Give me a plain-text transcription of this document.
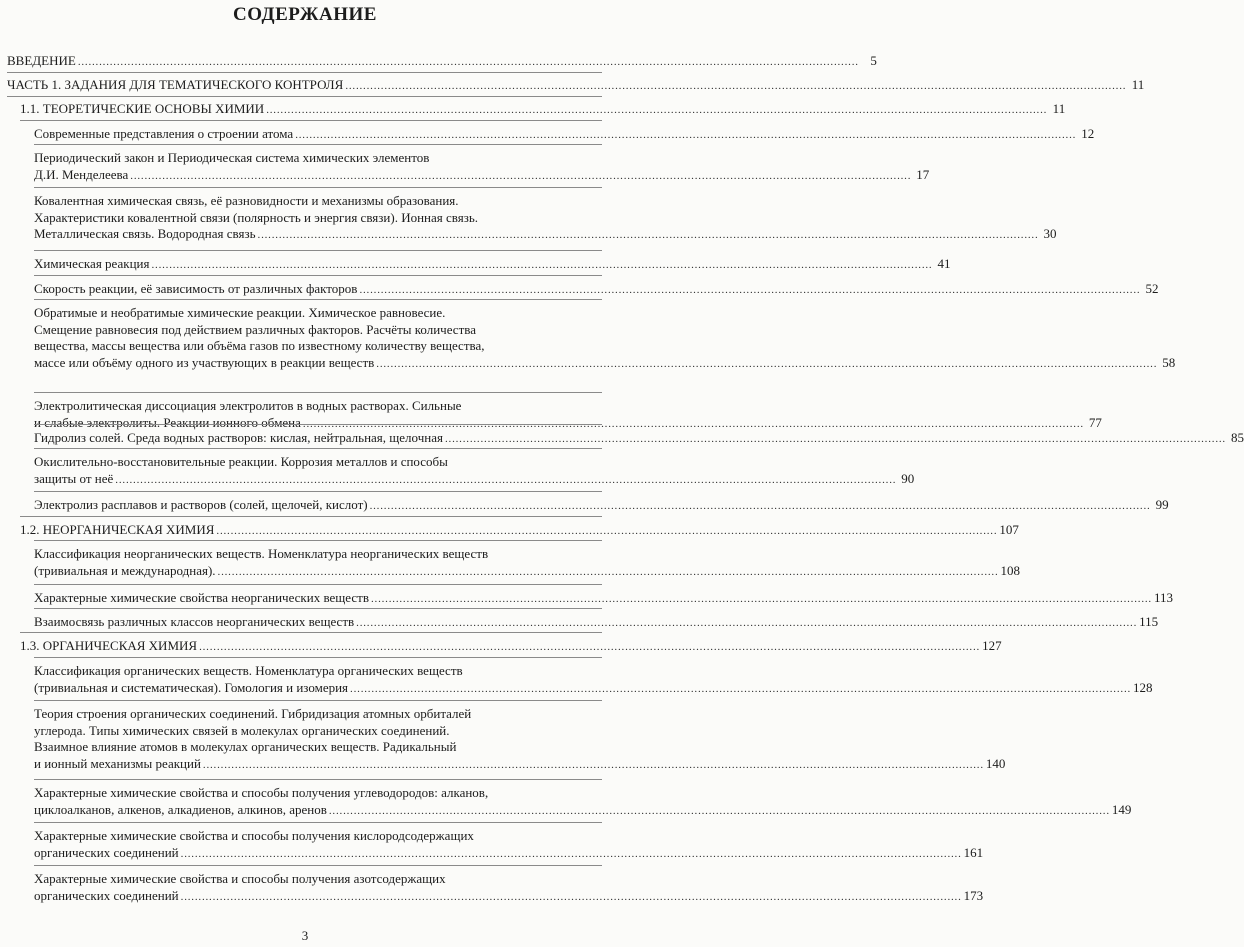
СОДЕРЖАНИЕ
ВВЕДЕНИЕ ............................................................................................................................................................................................................................ 5
ЧАСТЬ 1. ЗАДАНИЯ ДЛЯ ТЕМАТИЧЕСКОГО КОНТРОЛЯ ............................................................................................................................................................................................................................ 11
1.1. ТЕОРЕТИЧЕСКИЕ ОСНОВЫ ХИМИИ ............................................................................................................................................................................................................................ 11
Современные представления о строении атома ............................................................................................................................................................................................................................ 12
Периодический закон и Периодическая система химических элементов
Д.И. Менделеева ............................................................................................................................................................................................................................ 17
Ковалентная химическая связь, её разновидности и механизмы образования.
Характеристики ковалентной связи (полярность и энергия связи). Ионная связь.
Металлическая связь. Водородная связь ............................................................................................................................................................................................................................ 30
Химическая реакция ............................................................................................................................................................................................................................ 41
Скорость реакции, её зависимость от различных факторов ............................................................................................................................................................................................................................ 52
Обратимые и необратимые химические реакции. Химическое равновесие.
Смещение равновесия под действием различных факторов. Расчёты количества
вещества, массы вещества или объёма газов по известному количеству вещества,
массе или объёму одного из участвующих в реакции веществ ............................................................................................................................................................................................................................ 58
Электролитическая диссоциация электролитов в водных растворах. Сильные
и слабые электролиты. Реакции ионного обмена ............................................................................................................................................................................................................................ 77
Гидролиз солей. Среда водных растворов: кислая, нейтральная, щелочная ............................................................................................................................................................................................................................ 85
Окислительно-восстановительные реакции. Коррозия металлов и способы
защиты от неё ............................................................................................................................................................................................................................ 90
Электролиз расплавов и растворов (солей, щелочей, кислот) ............................................................................................................................................................................................................................ 99
1.2. НЕОРГАНИЧЕСКАЯ ХИМИЯ ............................................................................................................................................................................................................................ 107
Классификация неорганических веществ. Номенклатура неорганических веществ
(тривиальная и международная). ............................................................................................................................................................................................................................ 108
Характерные химические свойства неорганических веществ ............................................................................................................................................................................................................................ 113
Взаимосвязь различных классов неорганических веществ ............................................................................................................................................................................................................................ 115
1.3. ОРГАНИЧЕСКАЯ ХИМИЯ ............................................................................................................................................................................................................................ 127
Классификация органических веществ. Номенклатура органических веществ
(тривиальная и систематическая). Гомология и изомерия ............................................................................................................................................................................................................................ 128
Теория строения органических соединений. Гибридизация атомных орбиталей
углерода. Типы химических связей в молекулах органических соединений.
Взаимное влияние атомов в молекулах органических веществ. Радикальный
и ионный механизмы реакций ............................................................................................................................................................................................................................ 140
Характерные химические свойства и способы получения углеводородов: алканов,
циклоалканов, алкенов, алкадиенов, алкинов, аренов ............................................................................................................................................................................................................................ 149
Характерные химические свойства и способы получения кислородсодержащих
органических соединений ............................................................................................................................................................................................................................ 161
Характерные химические свойства и способы получения азотсодержащих
органических соединений ............................................................................................................................................................................................................................ 173
3
